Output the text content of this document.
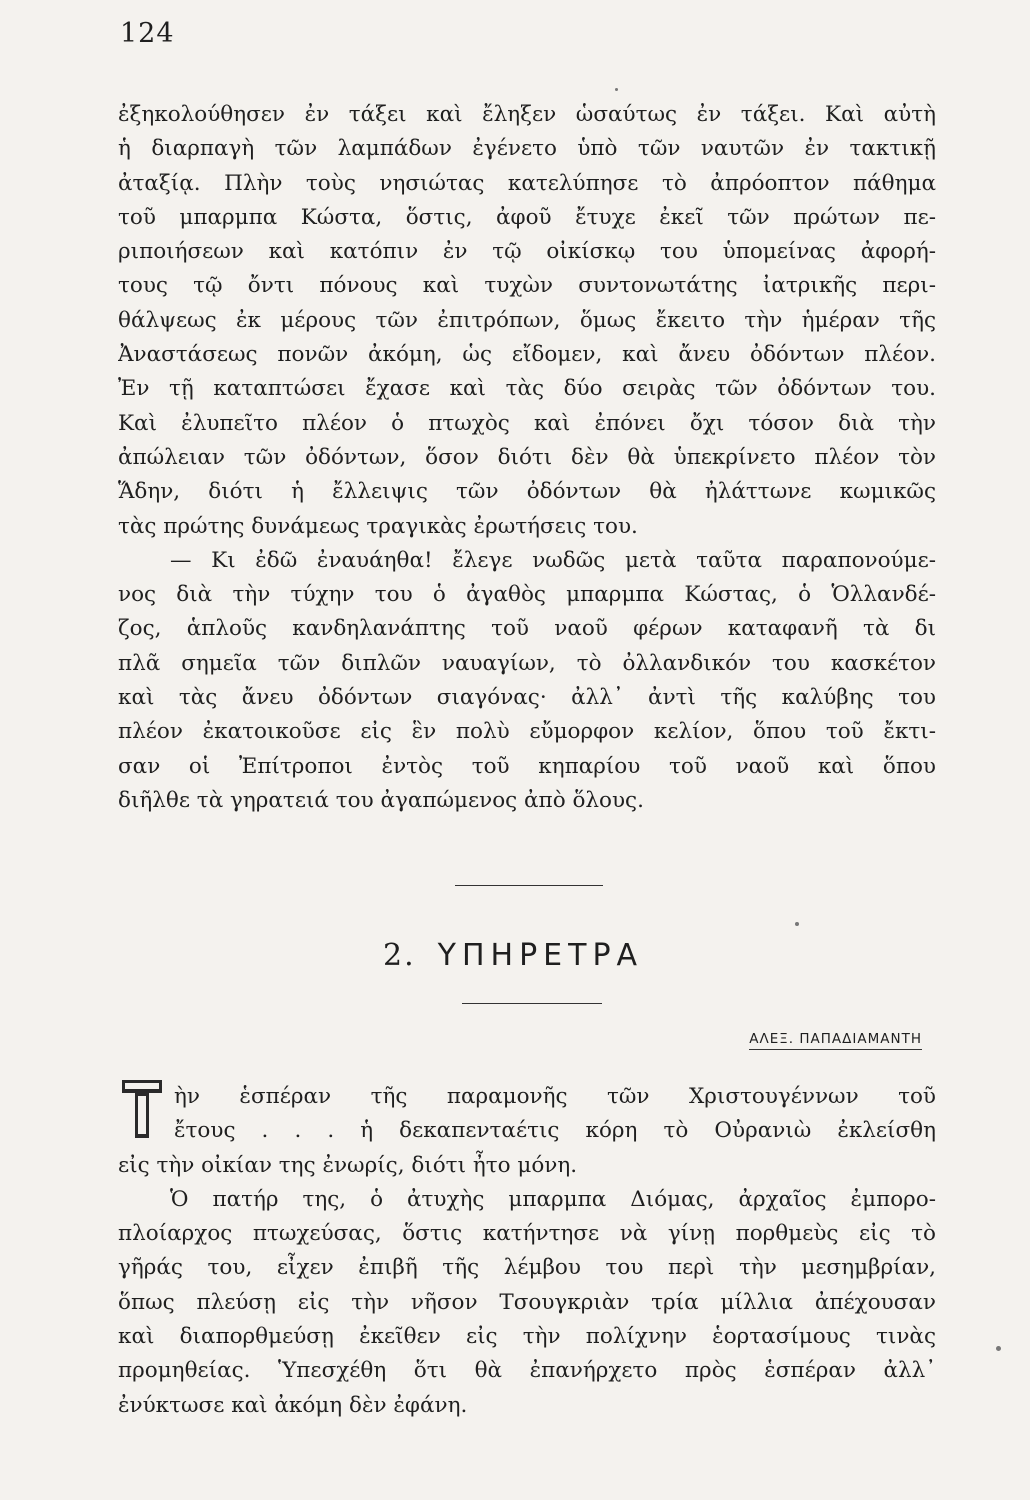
124
ἐξηκολούθησεν ἐν τάξει καὶ ἔληξεν ὡσαύτως ἐν τάξει. Καὶ αὐτὴ
ἡ διαρπαγὴ τῶν λαμπάδων ἐγένετο ὑπὸ τῶν ναυτῶν ἐν τακτικῇ
ἀταξίᾳ. Πλὴν τοὺς νησιώτας κατελύπησε τὸ ἀπρόοπτον πάθημα
τοῦ μπαρμπα Κώστα, ὅστις, ἀφοῦ ἔτυχε ἐκεῖ τῶν πρώτων πε-
ριποιήσεων καὶ κατόπιν ἐν τῷ οἰκίσκῳ του ὑπομείνας ἀφορή-
τους τῷ ὄντι πόνους καὶ τυχὼν συντονωτάτης ἰατρικῆς περι-
θάλψεως ἐκ μέρους τῶν ἐπιτρόπων, ὅμως ἔκειτο τὴν ἡμέραν τῆς
Ἀναστάσεως πονῶν ἀκόμη, ὡς εἴδομεν, καὶ ἄνευ ὀδόντων πλέον.
Ἐν τῇ καταπτώσει ἔχασε καὶ τὰς δύο σειρὰς τῶν ὀδόντων του.
Καὶ ἐλυπεῖτο πλέον ὁ πτωχὸς καὶ ἐπόνει ὄχι τόσον διὰ τὴν
ἀπώλειαν τῶν ὀδόντων, ὅσον διότι δὲν θὰ ὑπεκρίνετο πλέον τὸν
Ἅδην, διότι ἡ ἔλλειψις τῶν ὀδόντων θὰ ἠλάττωνε κωμικῶς
τὰς πρώτης δυνάμεως τραγικὰς ἐρωτήσεις του.
— Κι ἐδῶ ἐναυάηθα! ἔλεγε νωδῶς μετὰ ταῦτα παραπονούμε-
νος διὰ τὴν τύχην του ὁ ἀγαθὸς μπαρμπα Κώστας, ὁ Ὁλλανδέ-
ζος, ἁπλοῦς κανδηλανάπτης τοῦ ναοῦ φέρων καταφανῆ τὰ δι
πλᾶ σημεῖα τῶν διπλῶν ναυαγίων, τὸ ὀλλανδικόν του κασκέτον
καὶ τὰς ἄνευ ὀδόντων σιαγόνας· ἀλλ᾽ ἀντὶ τῆς καλύβης του
πλέον ἐκατοικοῦσε εἰς ἓν πολὺ εὔμορφον κελίον, ὅπου τοῦ ἔκτι-
σαν οἱ Ἐπίτροποι ἐντὸς τοῦ κηπαρίου τοῦ ναοῦ καὶ ὅπου
διῆλθε τὰ γηρατειά του ἀγαπώμενος ἀπὸ ὅλους.
2. ΥΠΗΡΕΤΡΑ
ΑΛΕΞ. ΠΑΠΑΔΙΑΜΑΝΤΗ
ὴν ἑσπέραν τῆς παραμονῆς τῶν Χριστουγέννων τοῦ
ἔτους . . . ἡ δεκαπενταέτις κόρη τὸ Οὐρανιὼ ἐκλείσθη
εἰς τὴν οἰκίαν της ἐνωρίς, διότι ἦτο μόνη.
Ὁ πατήρ της, ὁ ἀτυχὴς μπαρμπα Διόμας, ἀρχαῖος ἐμπορο-
πλοίαρχος πτωχεύσας, ὅστις κατήντησε νὰ γίνῃ πορθμεὺς εἰς τὸ
γῆράς του, εἶχεν ἐπιβῆ τῆς λέμβου του περὶ τὴν μεσημβρίαν,
ὅπως πλεύσῃ εἰς τὴν νῆσον Τσουγκριὰν τρία μίλλια ἀπέχουσαν
καὶ διαπορθμεύσῃ ἐκεῖθεν εἰς τὴν πολίχνην ἑορτασίμους τινὰς
προμηθείας. Ὑπεσχέθη ὅτι θὰ ἐπανήρχετο πρὸς ἑσπέραν ἀλλ᾽
ἐνύκτωσε καὶ ἀκόμη δὲν ἐφάνη.
